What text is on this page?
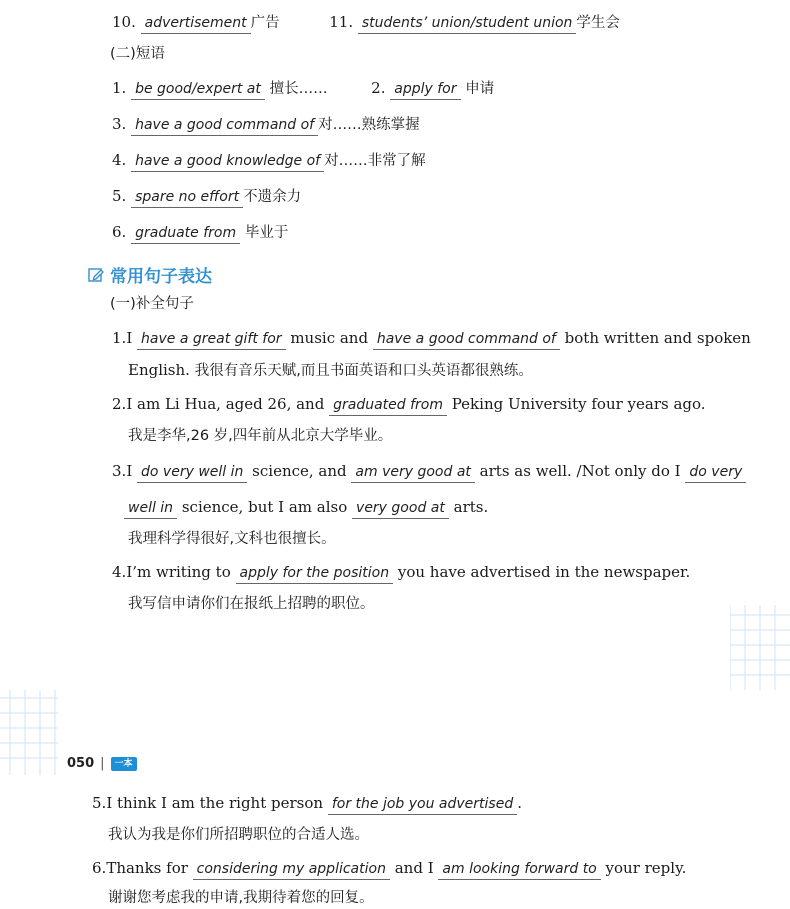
10. advertisement 广告	11. students’ union/student union 学生会
(二)短语
1. be good/expert at 擅长……	2. apply for 申请
3. have a good command of 对……熟练掌握
4. have a good knowledge of 对……非常了解
5. spare no effort 不遗余力
6. graduate from 毕业于
常用句子表达
(一)补全句子
1.I have a great gift for music and have a good command of both written and spoken
English. 我很有音乐天赋,而且书面英语和口头英语都很熟练。
2.I am Li Hua, aged 26, and graduated from Peking University four years ago.
我是李华,26 岁,四年前从北京大学毕业。
3.I do very well in science, and am very good at arts as well. /Not only do I do very
well in science, but I am also very good at arts.
我理科学得很好,文科也很擅长。
4.I’m writing to apply for the position you have advertised in the newspaper.
我写信申请你们在报纸上招聘的职位。
050 |	一本
5.I think I am the right person for the job you advertised .
我认为我是你们所招聘职位的合适人选。
6.Thanks for considering my application and I am looking forward to your reply.
谢谢您考虑我的申请,我期待着您的回复。
